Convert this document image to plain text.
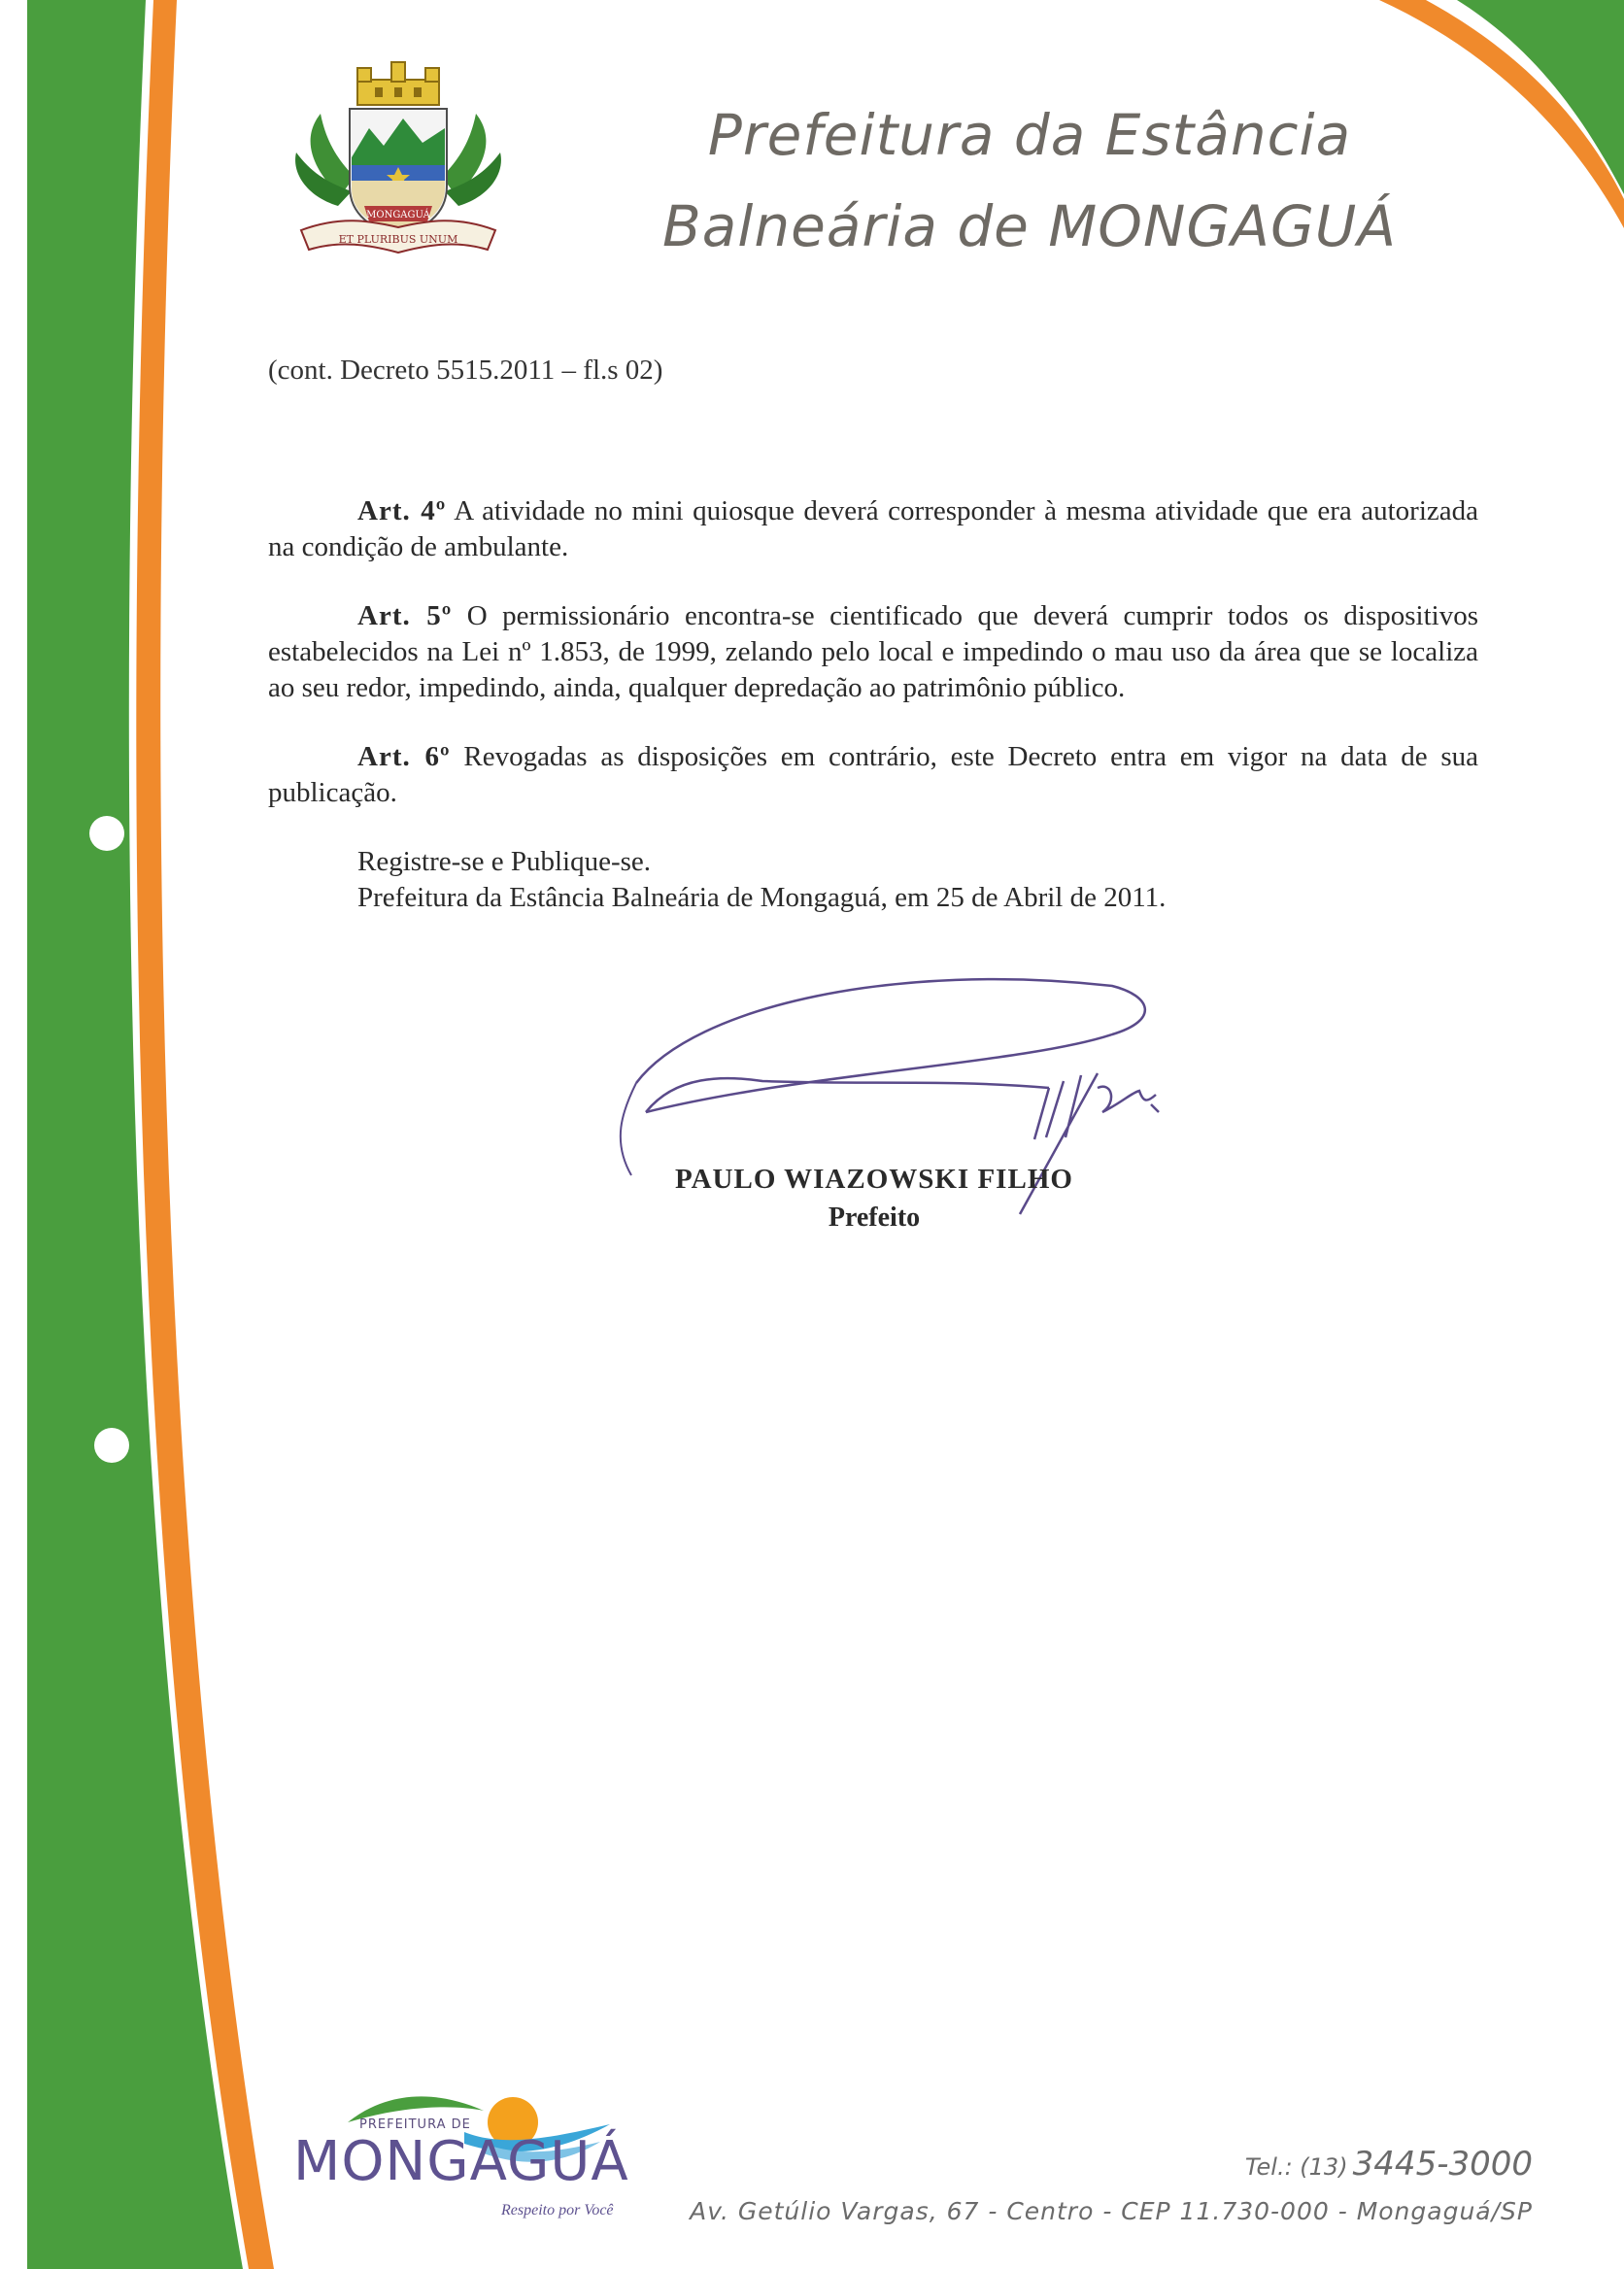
MONGAGUÁ
ET PLURIBUS UNUM
Prefeitura da Estância
Balneária de MONGAGUÁ
(cont. Decreto 5515.2011 – fl.s 02)

Art. 4º A atividade no mini quiosque deverá corresponder à mesma atividade que era autorizada na condição de ambulante.

Art. 5º O permissionário encontra-se cientificado que deverá cumprir todos os dispositivos estabelecidos na Lei nº 1.853, de 1999, zelando pelo local e impedindo o mau uso da área que se localiza ao seu redor, impedindo, ainda, qualquer depredação ao patrimônio público.

Art. 6º Revogadas as disposições em contrário, este Decreto entra em vigor na data de sua publicação.

Registre-se e Publique-se.
Prefeitura da Estância Balneária de Mongaguá, em 25 de Abril de 2011.
PAULO WIAZOWSKI FILHO
Prefeito
PREFEITURA DE
MONGAGUÁ
Respeito por Você
Tel.: (13) 3445-3000
Av. Getúlio Vargas, 67 - Centro - CEP 11.730-000 - Mongaguá/SP
